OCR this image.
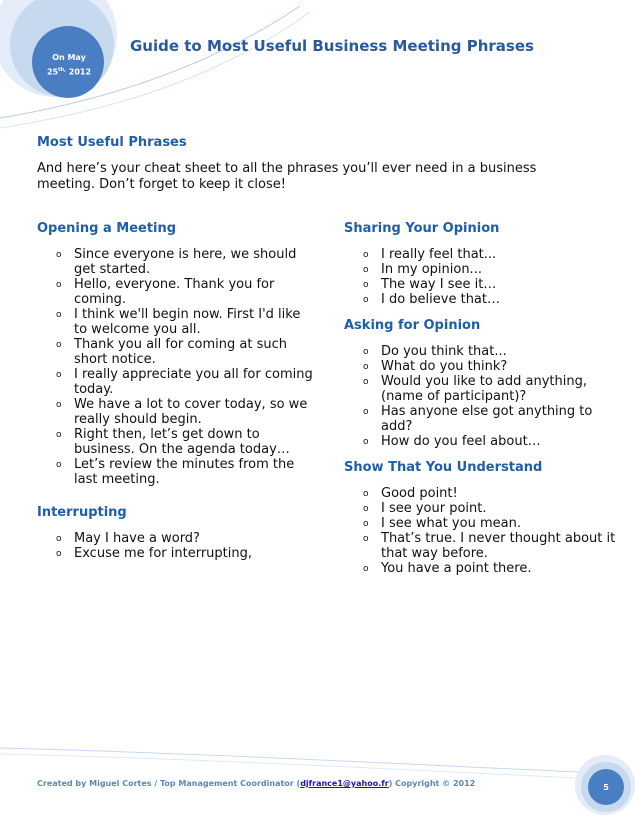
On May
$25^{th,}$ 2012
Guide to Most Useful Business Meeting Phrases
Most Useful Phrases
And here’s your cheat sheet to all the phrases you’ll ever need in a business meeting. Don’t forget to keep it close!
Opening a Meeting
o Since everyone is here, we should get started.
o Hello, everyone. Thank you for coming.
o I think we'll begin now. First I'd like to welcome you all.
o Thank you all for coming at such short notice.
o I really appreciate you all for coming today.
o We have a lot to cover today, so we really should begin.
o Right then, let’s get down to business. On the agenda today…
o Let’s review the minutes from the last meeting.
Interrupting
o May I have a word?
o Excuse me for interrupting,
Sharing Your Opinion
o I really feel that...
o In my opinion...
o The way I see it…
o I do believe that…
Asking for Opinion
o Do you think that...
o What do you think?
o Would you like to add anything, (name of participant)?
o Has anyone else got anything to add?
o How do you feel about…
Show That You Understand
o Good point!
o I see your point.
o I see what you mean.
o That’s true. I never thought about it that way before.
o You have a point there.
Created by Miguel Cortes / Top Management Coordinator (djfrance1@yahoo.fr) Copyright © 2012	5
